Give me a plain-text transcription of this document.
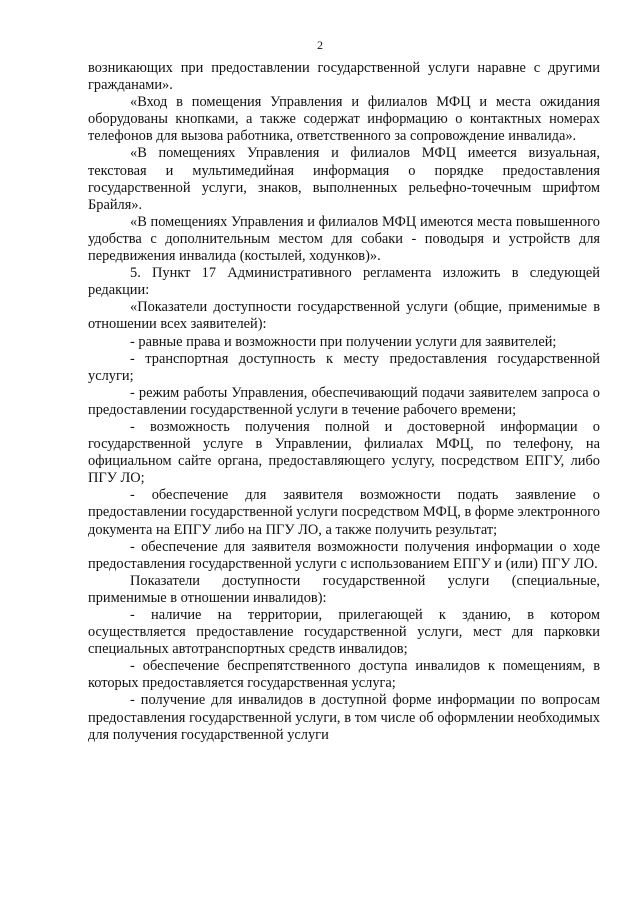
2

возникающих при предоставлении государственной услуги наравне с другими гражданами».

«Вход в помещения Управления и филиалов МФЦ и места ожидания оборудованы кнопками, а также содержат информацию о контактных номерах телефонов для вызова работника, ответственного за сопровождение инвалида».

«В помещениях Управления и филиалов МФЦ имеется визуальная, текстовая и мультимедийная информация о порядке предоставления государственной услуги, знаков, выполненных рельефно-точечным шрифтом Брайля».

«В помещениях Управления и филиалов МФЦ имеются места повышенного удобства с дополнительным местом для собаки - поводыря и устройств для передвижения инвалида (костылей, ходунков)».

5. Пункт 17 Административного регламента изложить в следующей редакции:

«Показатели доступности государственной услуги (общие, применимые в отношении всех заявителей):

- равные права и возможности при получении услуги для заявителей;

- транспортная доступность к месту предоставления государственной услуги;

- режим работы Управления, обеспечивающий подачи заявителем запроса о предоставлении государственной услуги в течение рабочего времени;

- возможность получения полной и достоверной информации о государственной услуге в Управлении, филиалах МФЦ, по телефону, на официальном сайте органа, предоставляющего услугу, посредством ЕПГУ, либо ПГУ ЛО;

- обеспечение для заявителя возможности подать заявление о предоставлении государственной услуги посредством МФЦ, в форме электронного документа на ЕПГУ либо на ПГУ ЛО, а также получить результат;

- обеспечение для заявителя возможности получения информации о ходе предоставления государственной услуги с использованием ЕПГУ и (или) ПГУ ЛО.

Показатели доступности государственной услуги (специальные, применимые в отношении инвалидов):

- наличие на территории, прилегающей к зданию, в котором осуществляется предоставление государственной услуги, мест для парковки специальных автотранспортных средств инвалидов;

- обеспечение беспрепятственного доступа инвалидов к помещениям, в которых предоставляется государственная услуга;

- получение для инвалидов в доступной форме информации по вопросам предоставления государственной услуги, в том числе об оформлении необходимых для получения государственной услуги
